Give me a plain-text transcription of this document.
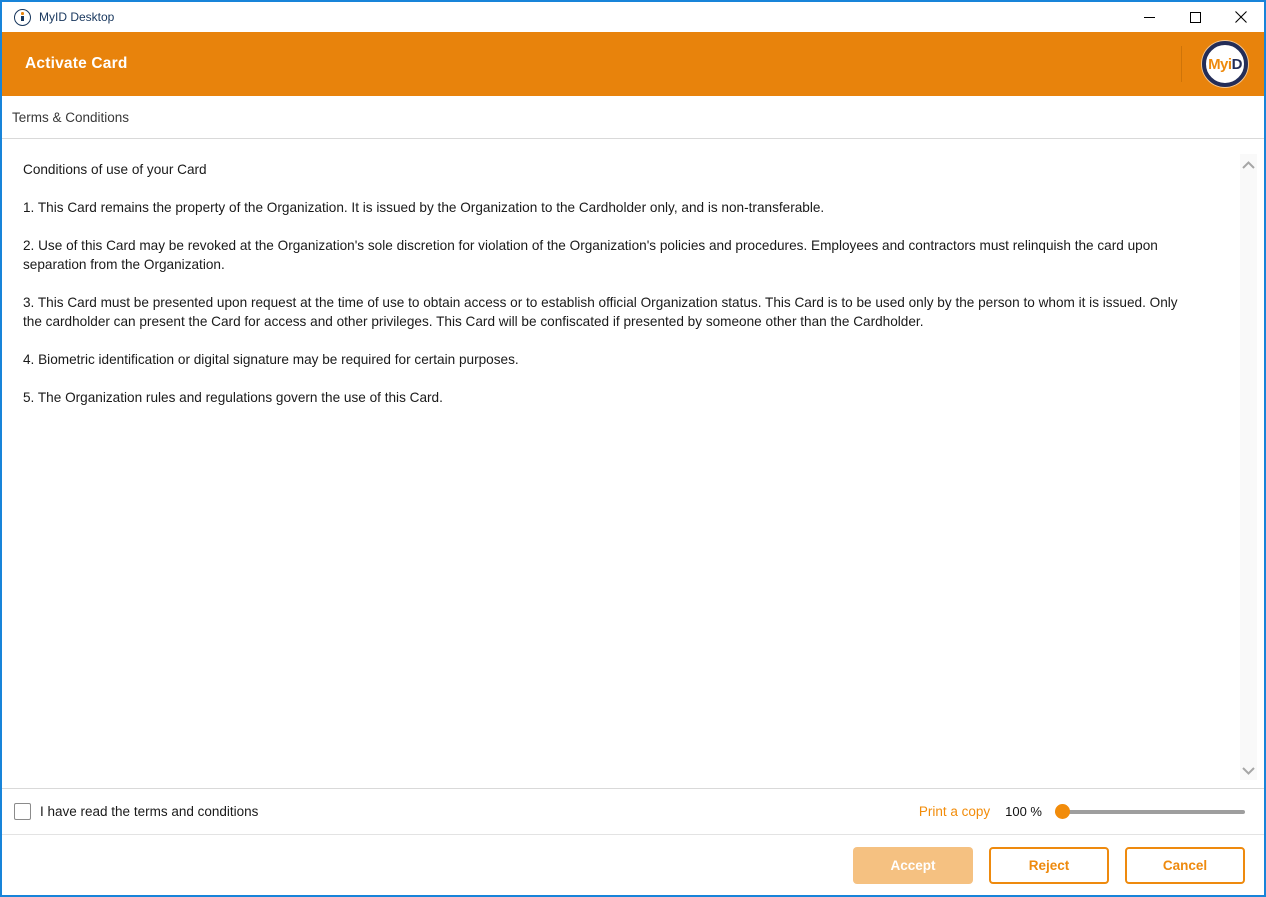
MyID Desktop
Activate Card	MyiD
Terms & Conditions

Conditions of use of your Card

1. This Card remains the property of the Organization. It is issued by the Organization to the Cardholder only, and is non-transferable.

2. Use of this Card may be revoked at the Organization's sole discretion for violation of the Organization's policies and procedures. Employees and contractors must relinquish the card upon separation from the Organization.

3. This Card must be presented upon request at the time of use to obtain access or to establish official Organization status. This Card is to be used only by the person to whom it is issued. Only the cardholder can present the Card for access and other privileges. This Card will be confiscated if presented by someone other than the Cardholder.

4. Biometric identification or digital signature may be required for certain purposes.

5. The Organization rules and regulations govern the use of this Card.

I have read the terms and conditions	Print a copy 100 %
Accept	Reject	Cancel
